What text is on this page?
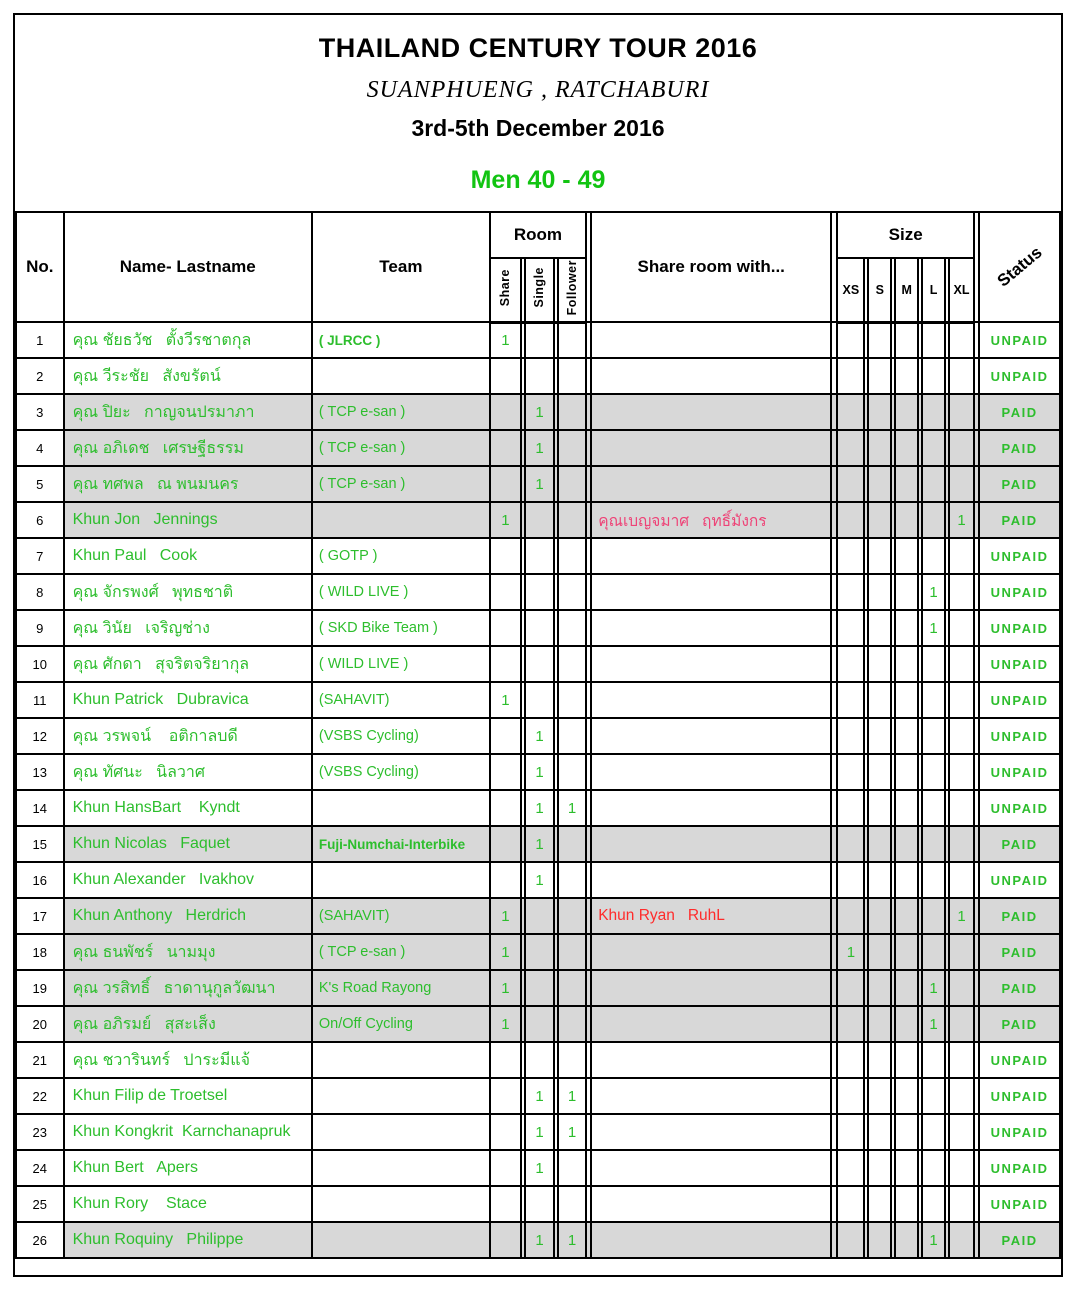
THAILAND CENTURY TOUR 2016
SUANPHUENG , RATCHABURI
3rd-5th December 2016
Men 40 - 49
No.	Name- Lastname	Team	Room						Share room with...		Size										Status
			Share		Single		Follower				XS		S		M		L		XL		
1	คุณ ชัยธวัช   ตั้งวีรชาตกุล	( JLRCC )	1																		UNPAID
2	คุณ วีระชัย   สังขรัตน์																				UNPAID
3	คุณ ปิยะ   กาญจนปรมาภา	( TCP e-san )			1																PAID
4	คุณ อภิเดช   เศรษฐีธรรม	( TCP e-san )			1																PAID
5	คุณ ทศพล   ณ พนมนคร	( TCP e-san )			1																PAID
6	Khun Jon   Jennings		1						คุณเบญจมาศ   ฤทธิ์มังกร										1		PAID
7	Khun Paul   Cook	( GOTP )																			UNPAID
8	คุณ จักรพงศ์   พุทธชาติ	( WILD LIVE )															1				UNPAID
9	คุณ วินัย   เจริญช่าง	( SKD Bike Team )															1				UNPAID
10	คุณ ศักดา   สุจริตจริยากุล	( WILD LIVE )																			UNPAID
11	Khun Patrick   Dubravica	(SAHAVIT)	1																		UNPAID
12	คุณ วรพจน์    อติกาลบดี	(VSBS Cycling)			1																UNPAID
13	คุณ ทัศนะ   นิลวาศ	(VSBS Cycling)			1																UNPAID
14	Khun HansBart    Kyndt				1		1														UNPAID
15	Khun Nicolas   Faquet	Fuji-Numchai-Interbike			1																PAID
16	Khun Alexander   Ivakhov				1																UNPAID
17	Khun Anthony   Herdrich	(SAHAVIT)	1						Khun Ryan   RuhL										1		PAID
18	คุณ ธนพัชร์   นามมุง	( TCP e-san )	1								1										PAID
19	คุณ วรสิทธิ์   ธาดานุกูลวัฒนา	K's Road Rayong	1														1				PAID
20	คุณ อภิรมย์   สุสะเส็ง	On/Off Cycling	1														1				PAID
21	คุณ ชวารินทร์   ปาระมีแจ้																				UNPAID
22	Khun Filip de Troetsel				1		1														UNPAID
23	Khun Kongkrit  Karnchanapruk				1		1														UNPAID
24	Khun Bert   Apers				1																UNPAID
25	Khun Rory    Stace																				UNPAID
26	Khun Roquiny   Philippe				1		1										1				PAID
